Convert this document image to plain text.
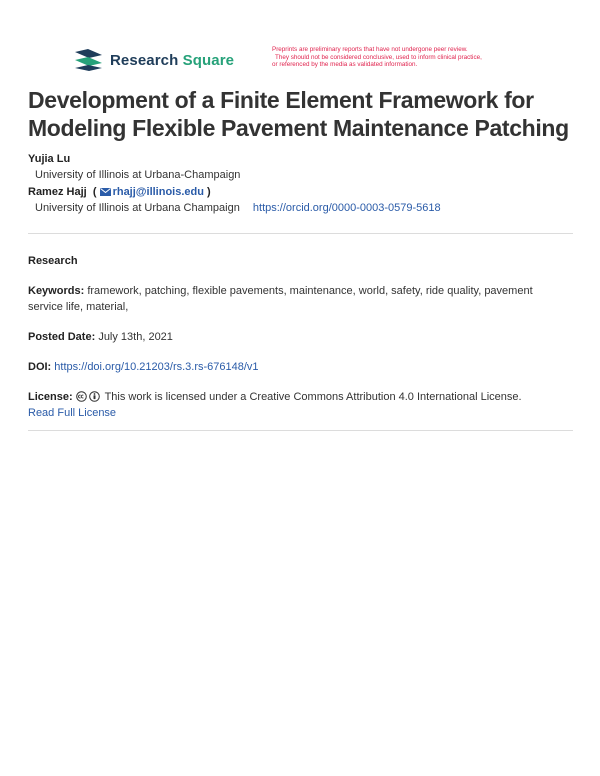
Research Square
Preprints are preliminary reports that have not undergone peer review.
They should not be considered conclusive, used to inform clinical practice,
or referenced by the media as validated information.
Development of a Finite Element Framework for Modeling Flexible Pavement Maintenance Patching
Yujia Lu
University of Illinois at Urbana-Champaign
Ramez Hajj ( rhajj@illinois.edu )
University of Illinois at Urbana Champaign https://orcid.org/0000-0003-0579-5618
Research
Keywords: framework, patching, flexible pavements, maintenance, world, safety, ride quality, pavement service life, material,
Posted Date: July 13th, 2021
DOI: https://doi.org/10.21203/rs.3.rs-676148/v1
License:	This work is licensed under a Creative Commons Attribution 4.0 International License.
Read Full License
